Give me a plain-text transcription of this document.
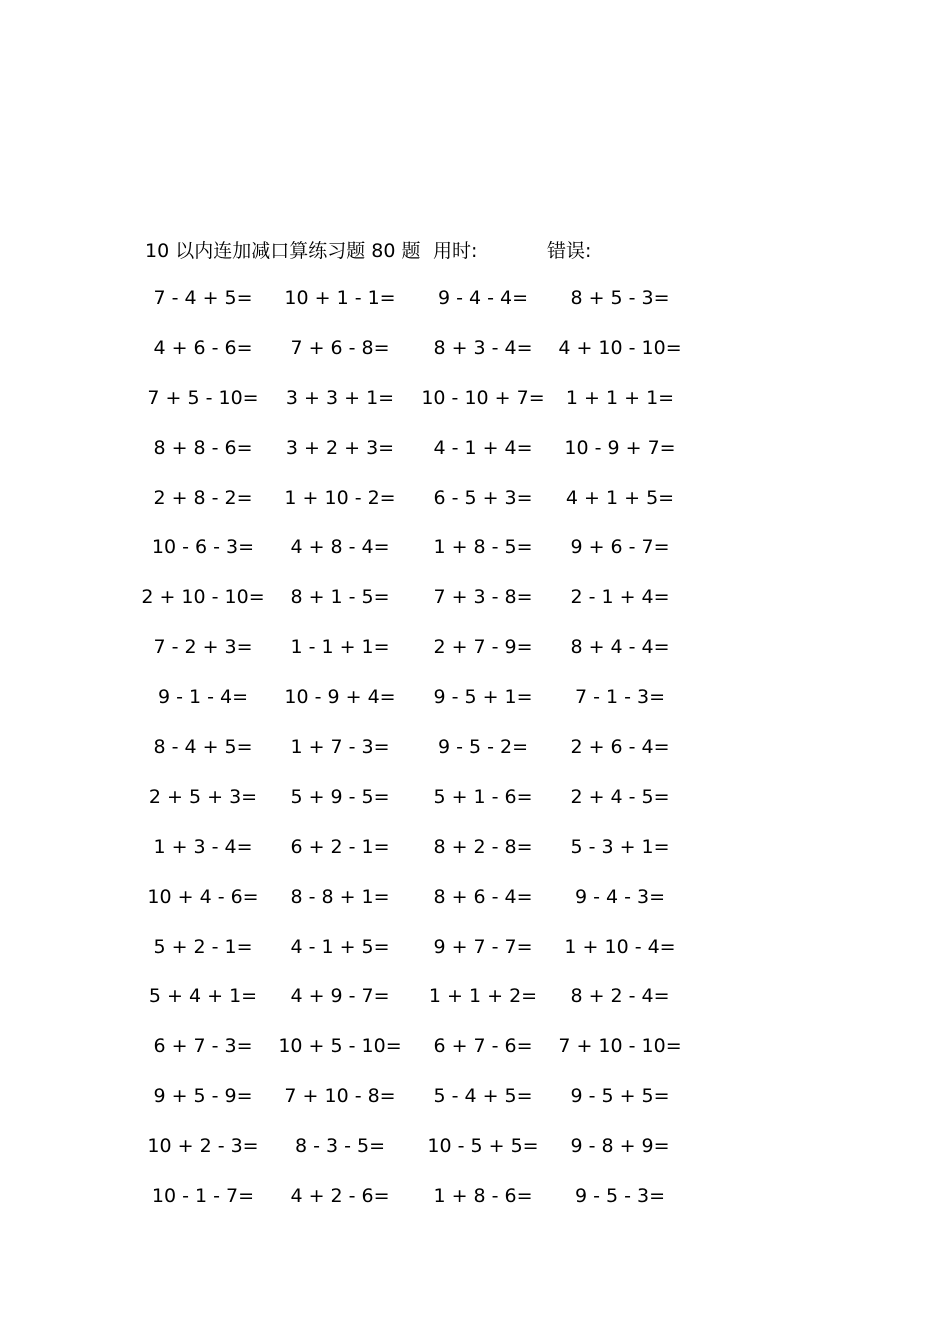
10 以内连加减口算练习题 80 题 用时:	错误:
7 - 4 + 5=	10 + 1 - 1=	9 - 4 - 4=	8 + 5 - 3=
4 + 6 - 6=	7 + 6 - 8=	8 + 3 - 4=	4 + 10 - 10=
7 + 5 - 10=	3 + 3 + 1=	10 - 10 + 7=	1 + 1 + 1=
8 + 8 - 6=	3 + 2 + 3=	4 - 1 + 4=	10 - 9 + 7=
2 + 8 - 2=	1 + 10 - 2=	6 - 5 + 3=	4 + 1 + 5=
10 - 6 - 3=	4 + 8 - 4=	1 + 8 - 5=	9 + 6 - 7=
2 + 10 - 10=	8 + 1 - 5=	7 + 3 - 8=	2 - 1 + 4=
7 - 2 + 3=	1 - 1 + 1=	2 + 7 - 9=	8 + 4 - 4=
9 - 1 - 4=	10 - 9 + 4=	9 - 5 + 1=	7 - 1 - 3=
8 - 4 + 5=	1 + 7 - 3=	9 - 5 - 2=	2 + 6 - 4=
2 + 5 + 3=	5 + 9 - 5=	5 + 1 - 6=	2 + 4 - 5=
1 + 3 - 4=	6 + 2 - 1=	8 + 2 - 8=	5 - 3 + 1=
10 + 4 - 6=	8 - 8 + 1=	8 + 6 - 4=	9 - 4 - 3=
5 + 2 - 1=	4 - 1 + 5=	9 + 7 - 7=	1 + 10 - 4=
5 + 4 + 1=	4 + 9 - 7=	1 + 1 + 2=	8 + 2 - 4=
6 + 7 - 3=	10 + 5 - 10=	6 + 7 - 6=	7 + 10 - 10=
9 + 5 - 9=	7 + 10 - 8=	5 - 4 + 5=	9 - 5 + 5=
10 + 2 - 3=	8 - 3 - 5=	10 - 5 + 5=	9 - 8 + 9=
10 - 1 - 7=	4 + 2 - 6=	1 + 8 - 6=	9 - 5 - 3=
